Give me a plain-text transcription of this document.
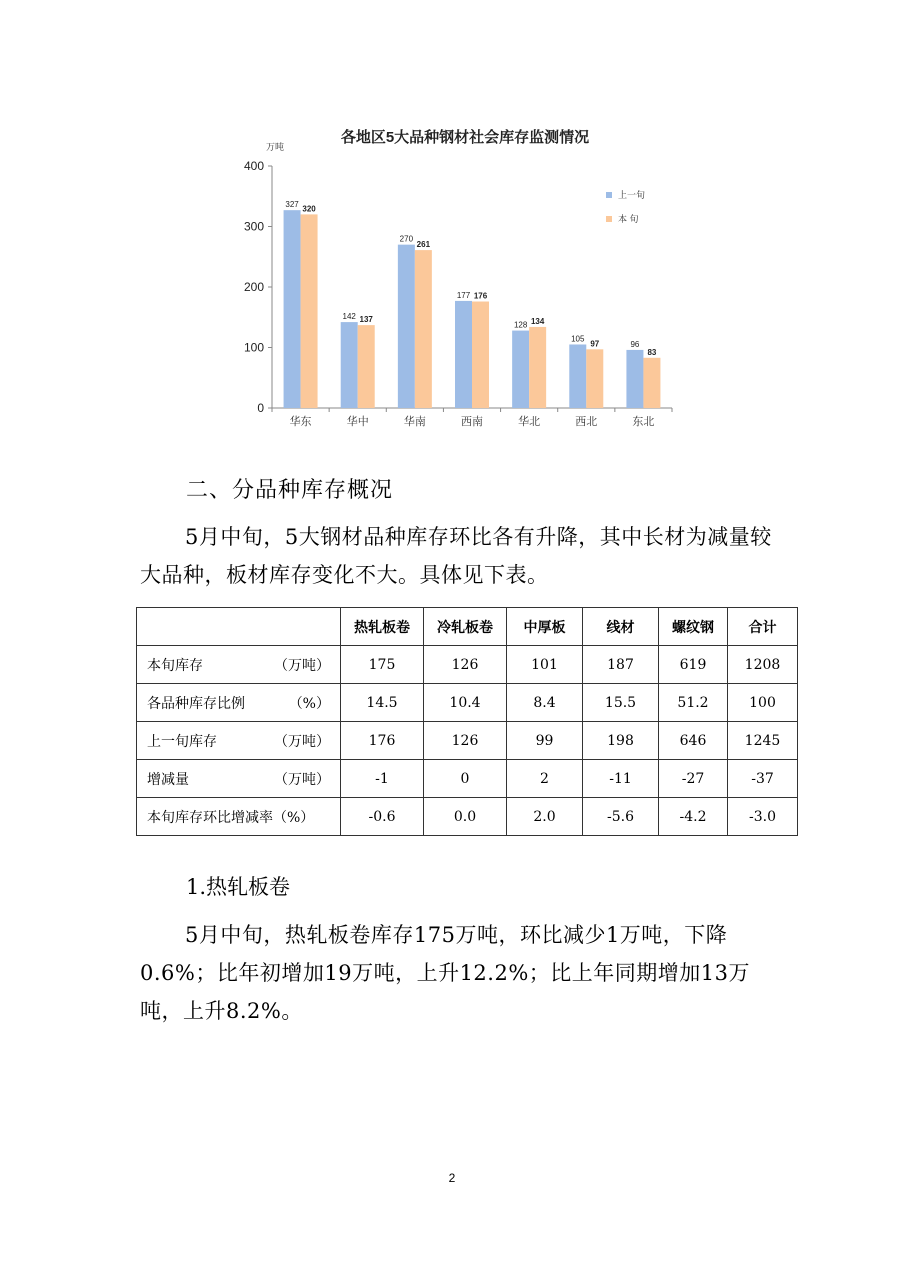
各地区5大品种钢材社会库存监测情况
万吨
0
100
200
300
400
华东
327 320
华中
142 137
华南
270
261
西南
177 176
华北
128 134
西北
105
97
东北
96
83
上一旬
本 旬
二、分品种库存概况
5月中旬，5大钢材品种库存环比各有升降，其中长材为减量较大品种，板材库存变化不大。具体见下表。
	热轧板卷	冷轧板卷	中厚板	线材	螺纹钢	合计

本旬库存 （万吨）	175	126	101	187	619	1208

各品种库存比例 （%）	14.5	10.4	8.4	15.5	51.2	100

上一旬库存 （万吨）	176	126	99	198	646	1245

增减量 （万吨）	-1	0	2	-11	-27	-37

本旬库存环比增减率（%）	-0.6	0.0	2.0	-5.6	-4.2	-3.0
1.热轧板卷
5月中旬，热轧板卷库存175万吨，环比减少1万吨，下降0.6%；比年初增加19万吨，上升12.2%；比上年同期增加13万吨，上升8.2%。
2
